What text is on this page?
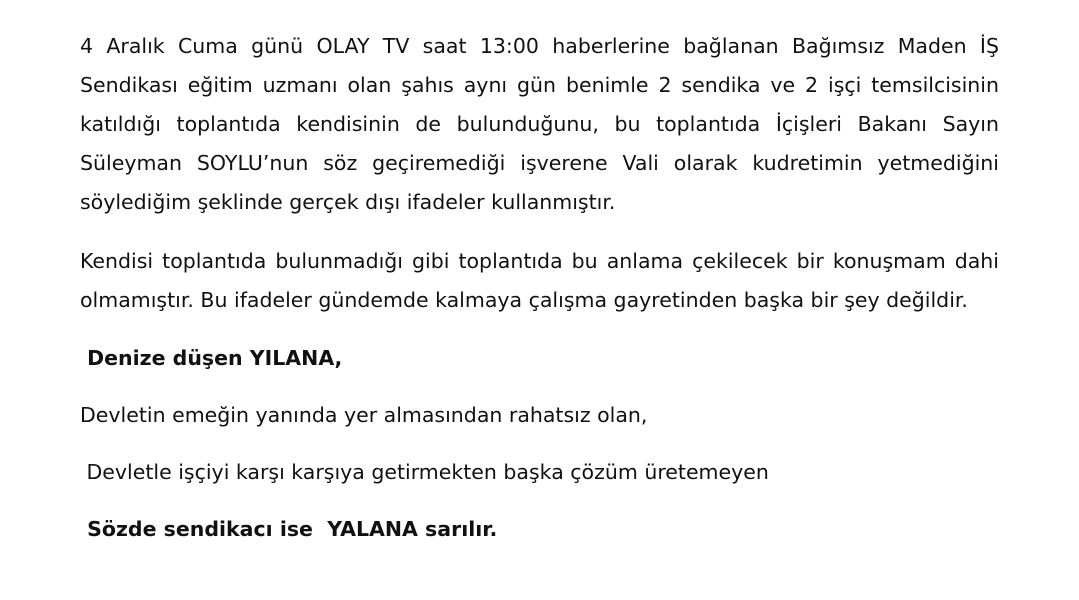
4 Aralık Cuma günü OLAY TV saat 13:00 haberlerine bağlanan Bağımsız Maden İŞ
Sendikası eğitim uzmanı olan şahıs aynı gün benimle 2 sendika ve 2 işçi temsilcisinin
katıldığı toplantıda kendisinin de bulunduğunu, bu toplantıda İçişleri Bakanı Sayın
Süleyman SOYLU’nun söz geçiremediği işverene Vali olarak kudretimin yetmediğini
söylediğim şeklinde gerçek dışı ifadeler kullanmıştır.

Kendisi toplantıda bulunmadığı gibi toplantıda bu anlama çekilecek bir konuşmam dahi
olmamıştır. Bu ifadeler gündemde kalmaya çalışma gayretinden başka bir şey değildir.

Denize düşen YILANA,

Devletin emeğin yanında yer almasından rahatsız olan,

Devletle işçiyi karşı karşıya getirmekten başka çözüm üretemeyen

Sözde sendikacı ise  YALANA sarılır.
